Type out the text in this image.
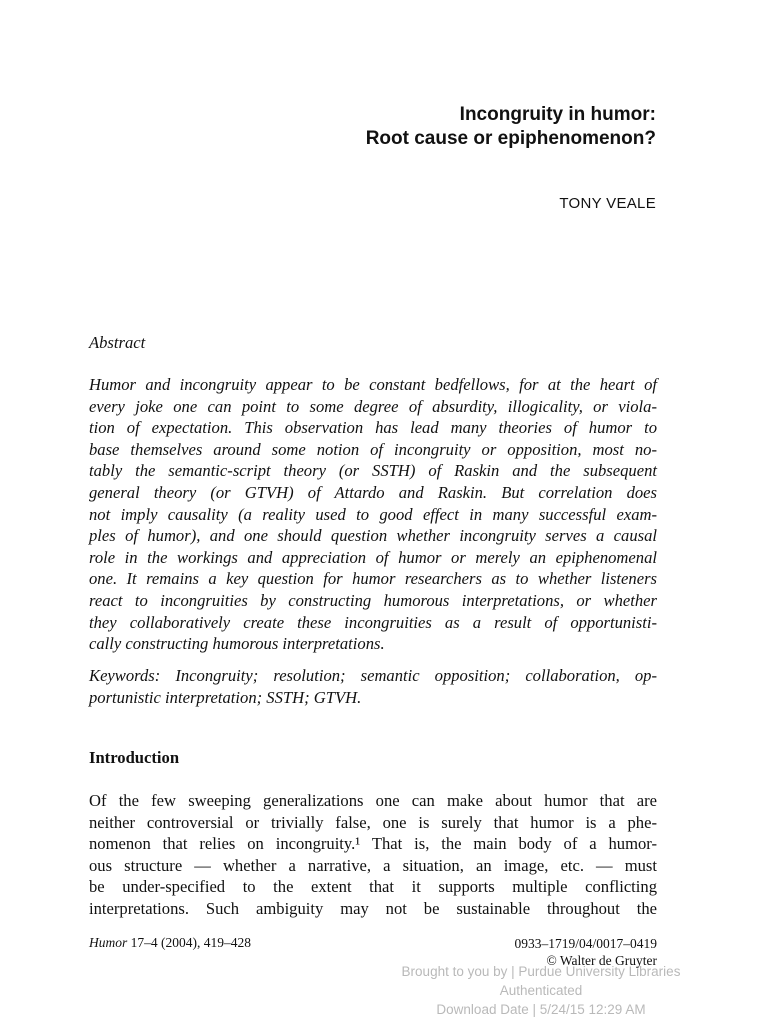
Incongruity in humor:
Root cause or epiphenomenon?
TONY VEALE
Abstract
Humor and incongruity appear to be constant bedfellows, for at the heart of
every joke one can point to some degree of absurdity, illogicality, or viola-
tion of expectation. This observation has lead many theories of humor to
base themselves around some notion of incongruity or opposition, most no-
tably the semantic-script theory (or SSTH) of Raskin and the subsequent
general theory (or GTVH) of Attardo and Raskin. But correlation does
not imply causality (a reality used to good effect in many successful exam-
ples of humor), and one should question whether incongruity serves a causal
role in the workings and appreciation of humor or merely an epiphenomenal
one. It remains a key question for humor researchers as to whether listeners
react to incongruities by constructing humorous interpretations, or whether
they collaboratively create these incongruities as a result of opportunisti-
cally constructing humorous interpretations.
Keywords: Incongruity; resolution; semantic opposition; collaboration, op-
portunistic interpretation; SSTH; GTVH.
Introduction
Of the few sweeping generalizations one can make about humor that are
neither controversial or trivially false, one is surely that humor is a phe-
nomenon that relies on incongruity.¹ That is, the main body of a humor-
ous structure — whether a narrative, a situation, an image, etc. — must
be under-specified to the extent that it supports multiple conflicting
interpretations. Such ambiguity may not be sustainable throughout the
Humor 17–4 (2004), 419–428	0933–1719/04/0017–0419
© Walter de Gruyter
Brought to you by | Purdue University Libraries
Authenticated
Download Date | 5/24/15 12:29 AM
